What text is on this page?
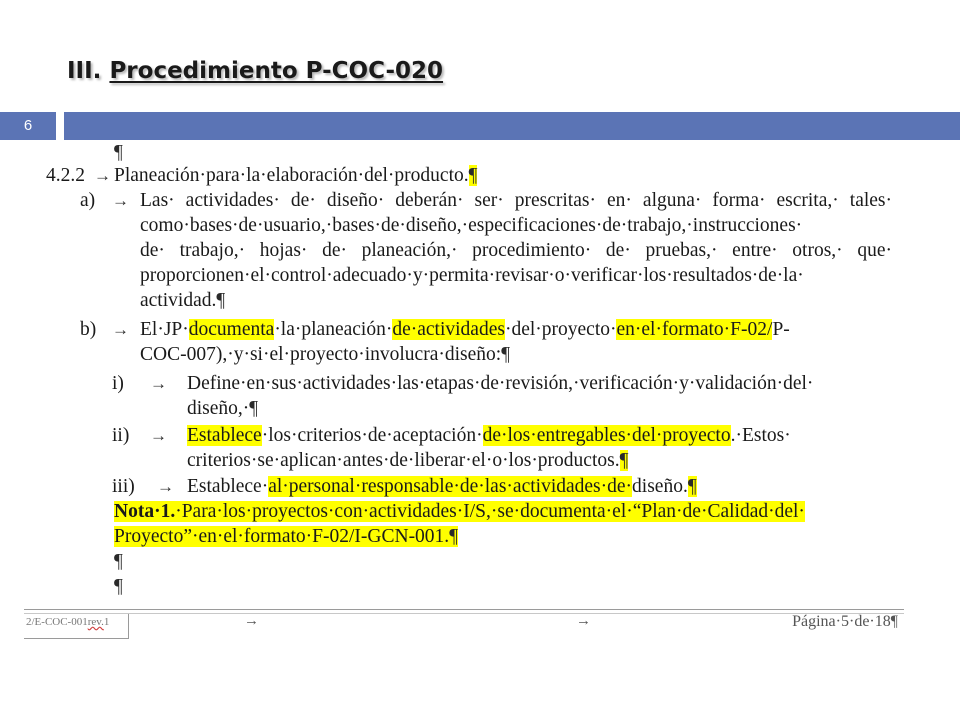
III. Procedimiento P-COC-020
6
¶
4.2.2 → Planeación·para·la·elaboración·del·producto.¶
a) → Las· actividades· de· diseño· deberán· ser· prescritas· en· alguna· forma· escrita,· tales·
como·bases·de·usuario,·bases·de·diseño,·especificaciones·de·trabajo,·instrucciones·
de· trabajo,· hojas· de· planeación,· procedimiento· de· pruebas,· entre· otros,· que·
proporcionen·el·control·adecuado·y·permita·revisar·o·verificar·los·resultados·de·la·
actividad.¶
b) → El·JP·documenta·la·planeación·de·actividades·del·proyecto·en·el·formato·F-02/P-
COC-007),·y·si·el·proyecto·involucra·diseño:¶
i) → Define·en·sus·actividades·las·etapas·de·revisión,·verificación·y·validación·del·
diseño,·¶
ii) → Establece·los·criterios·de·aceptación·de·los·entregables·del·proyecto.·Estos·
criterios·se·aplican·antes·de·liberar·el·o·los·productos.¶
iii) → Establece·al·personal·responsable·de·las·actividades·de·diseño.¶
Nota·1.·Para·los·proyectos·con·actividades·I/S,·se·documenta·el·“Plan·de·Calidad·del·
Proyecto”·en·el·formato·F-02/I-GCN-001.¶
¶
¶
2/E-COC-001rev.1	→	→	Página·5·de·18¶
